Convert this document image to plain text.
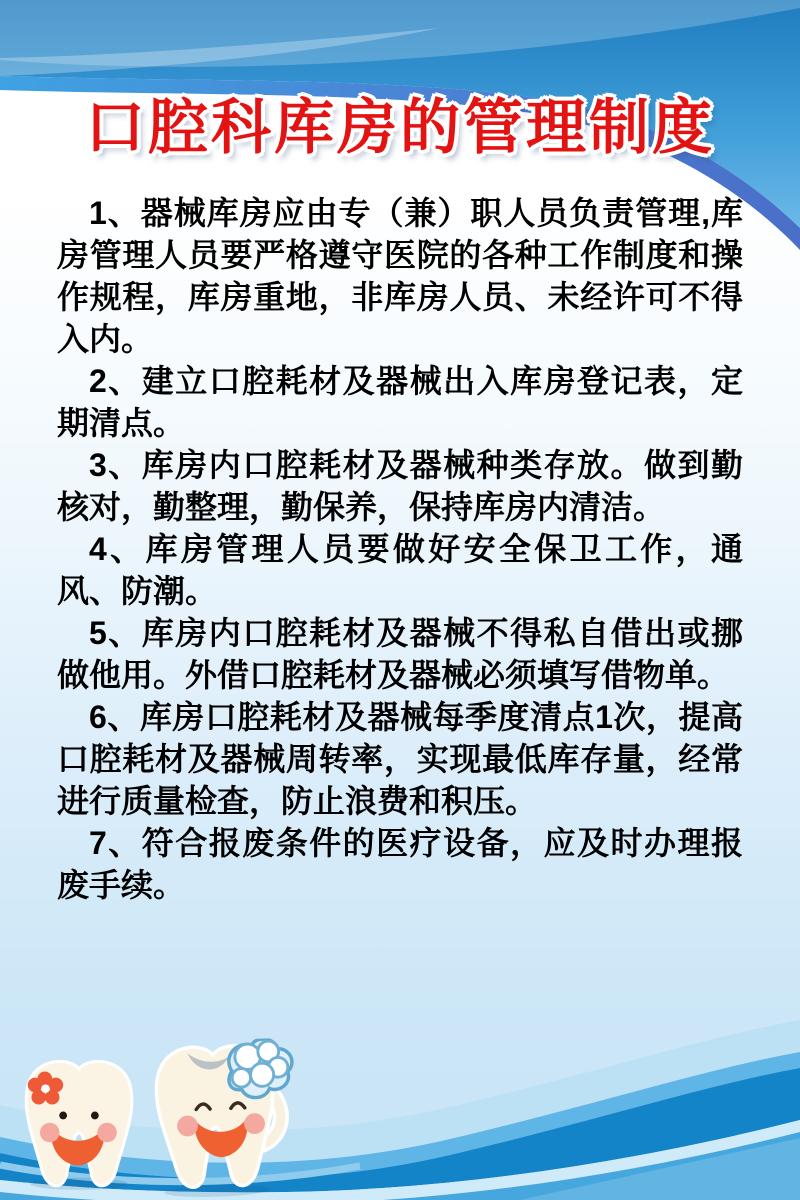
口腔科库房的管理制度

1、器械库房应由专（兼）职人员负责管理,库房管理人员要严格遵守医院的各种工作制度和操作规程，库房重地，非库房人员、未经许可不得入内。

2、建立口腔耗材及器械出入库房登记表，定期清点。

3、库房内口腔耗材及器械种类存放。做到勤核对，勤整理，勤保养，保持库房内清洁。

4、库房管理人员要做好安全保卫工作，通风、防潮。

5、库房内口腔耗材及器械不得私自借出或挪做他用。外借口腔耗材及器械必须填写借物单。

6、库房口腔耗材及器械每季度清点1次，提高口腔耗材及器械周转率，实现最低库存量，经常进行质量检查，防止浪费和积压。

7、符合报废条件的医疗设备，应及时办理报废手续。
